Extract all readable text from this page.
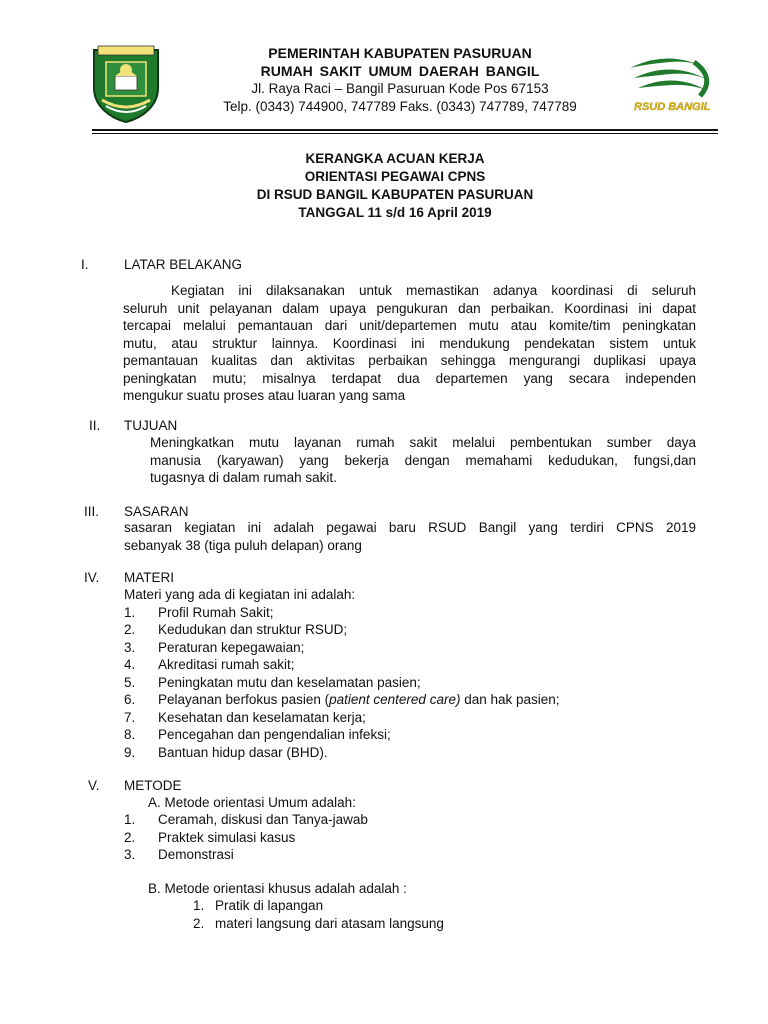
PEMERINTAH KABUPATEN PASURUAN
RUMAH SAKIT UMUM DAERAH BANGIL
Jl. Raya Raci – Bangil Pasuruan Kode Pos 67153
Telp. (0343) 744900, 747789 Faks. (0343) 747789, 747789	RSUD BANGIL
KERANGKA ACUAN KERJA
ORIENTASI PEGAWAI CPNS
DI RSUD BANGIL KABUPATEN PASURUAN
TANGGAL 11 s/d 16 April 2019
I.	LATAR BELAKANG
Kegiatan ini dilaksanakan untuk memastikan adanya koordinasi di seluruh
seluruh unit pelayanan dalam upaya pengukuran dan perbaikan. Koordinasi ini dapat
tercapai melalui pemantauan dari unit/departemen mutu atau komite/tim peningkatan
mutu, atau struktur lainnya. Koordinasi ini mendukung pendekatan sistem untuk
pemantauan kualitas dan aktivitas perbaikan sehingga mengurangi duplikasi upaya
peningkatan mutu; misalnya terdapat dua departemen yang secara independen
mengukur suatu proses atau luaran yang sama
II. TUJUAN
Meningkatkan mutu layanan rumah sakit melalui pembentukan sumber daya
manusia (karyawan) yang bekerja dengan memahami kedudukan, fungsi,dan
tugasnya di dalam rumah sakit.
III. SASARAN
sasaran kegiatan ini adalah pegawai baru RSUD Bangil yang terdiri CPNS 2019
sebanyak 38 (tiga puluh delapan) orang
IV. MATERI
Materi yang ada di kegiatan ini adalah:
1.	Profil Rumah Sakit;
2.	Kedudukan dan struktur RSUD;
3.	Peraturan kepegawaian;
4.	Akreditasi rumah sakit;
5.	Peningkatan mutu dan keselamatan pasien;
6.	Pelayanan berfokus pasien (patient centered care) dan hak pasien;
7.	Kesehatan dan keselamatan kerja;
8.	Pencegahan dan pengendalian infeksi;
9.	Bantuan hidup dasar (BHD).
V. METODE
A. Metode orientasi Umum adalah:
1.	Ceramah, diskusi dan Tanya-jawab
2.	Praktek simulasi kasus
3.	Demonstrasi
B. Metode orientasi khusus adalah adalah :
1. Pratik di lapangan
2. materi langsung dari atasam langsung
